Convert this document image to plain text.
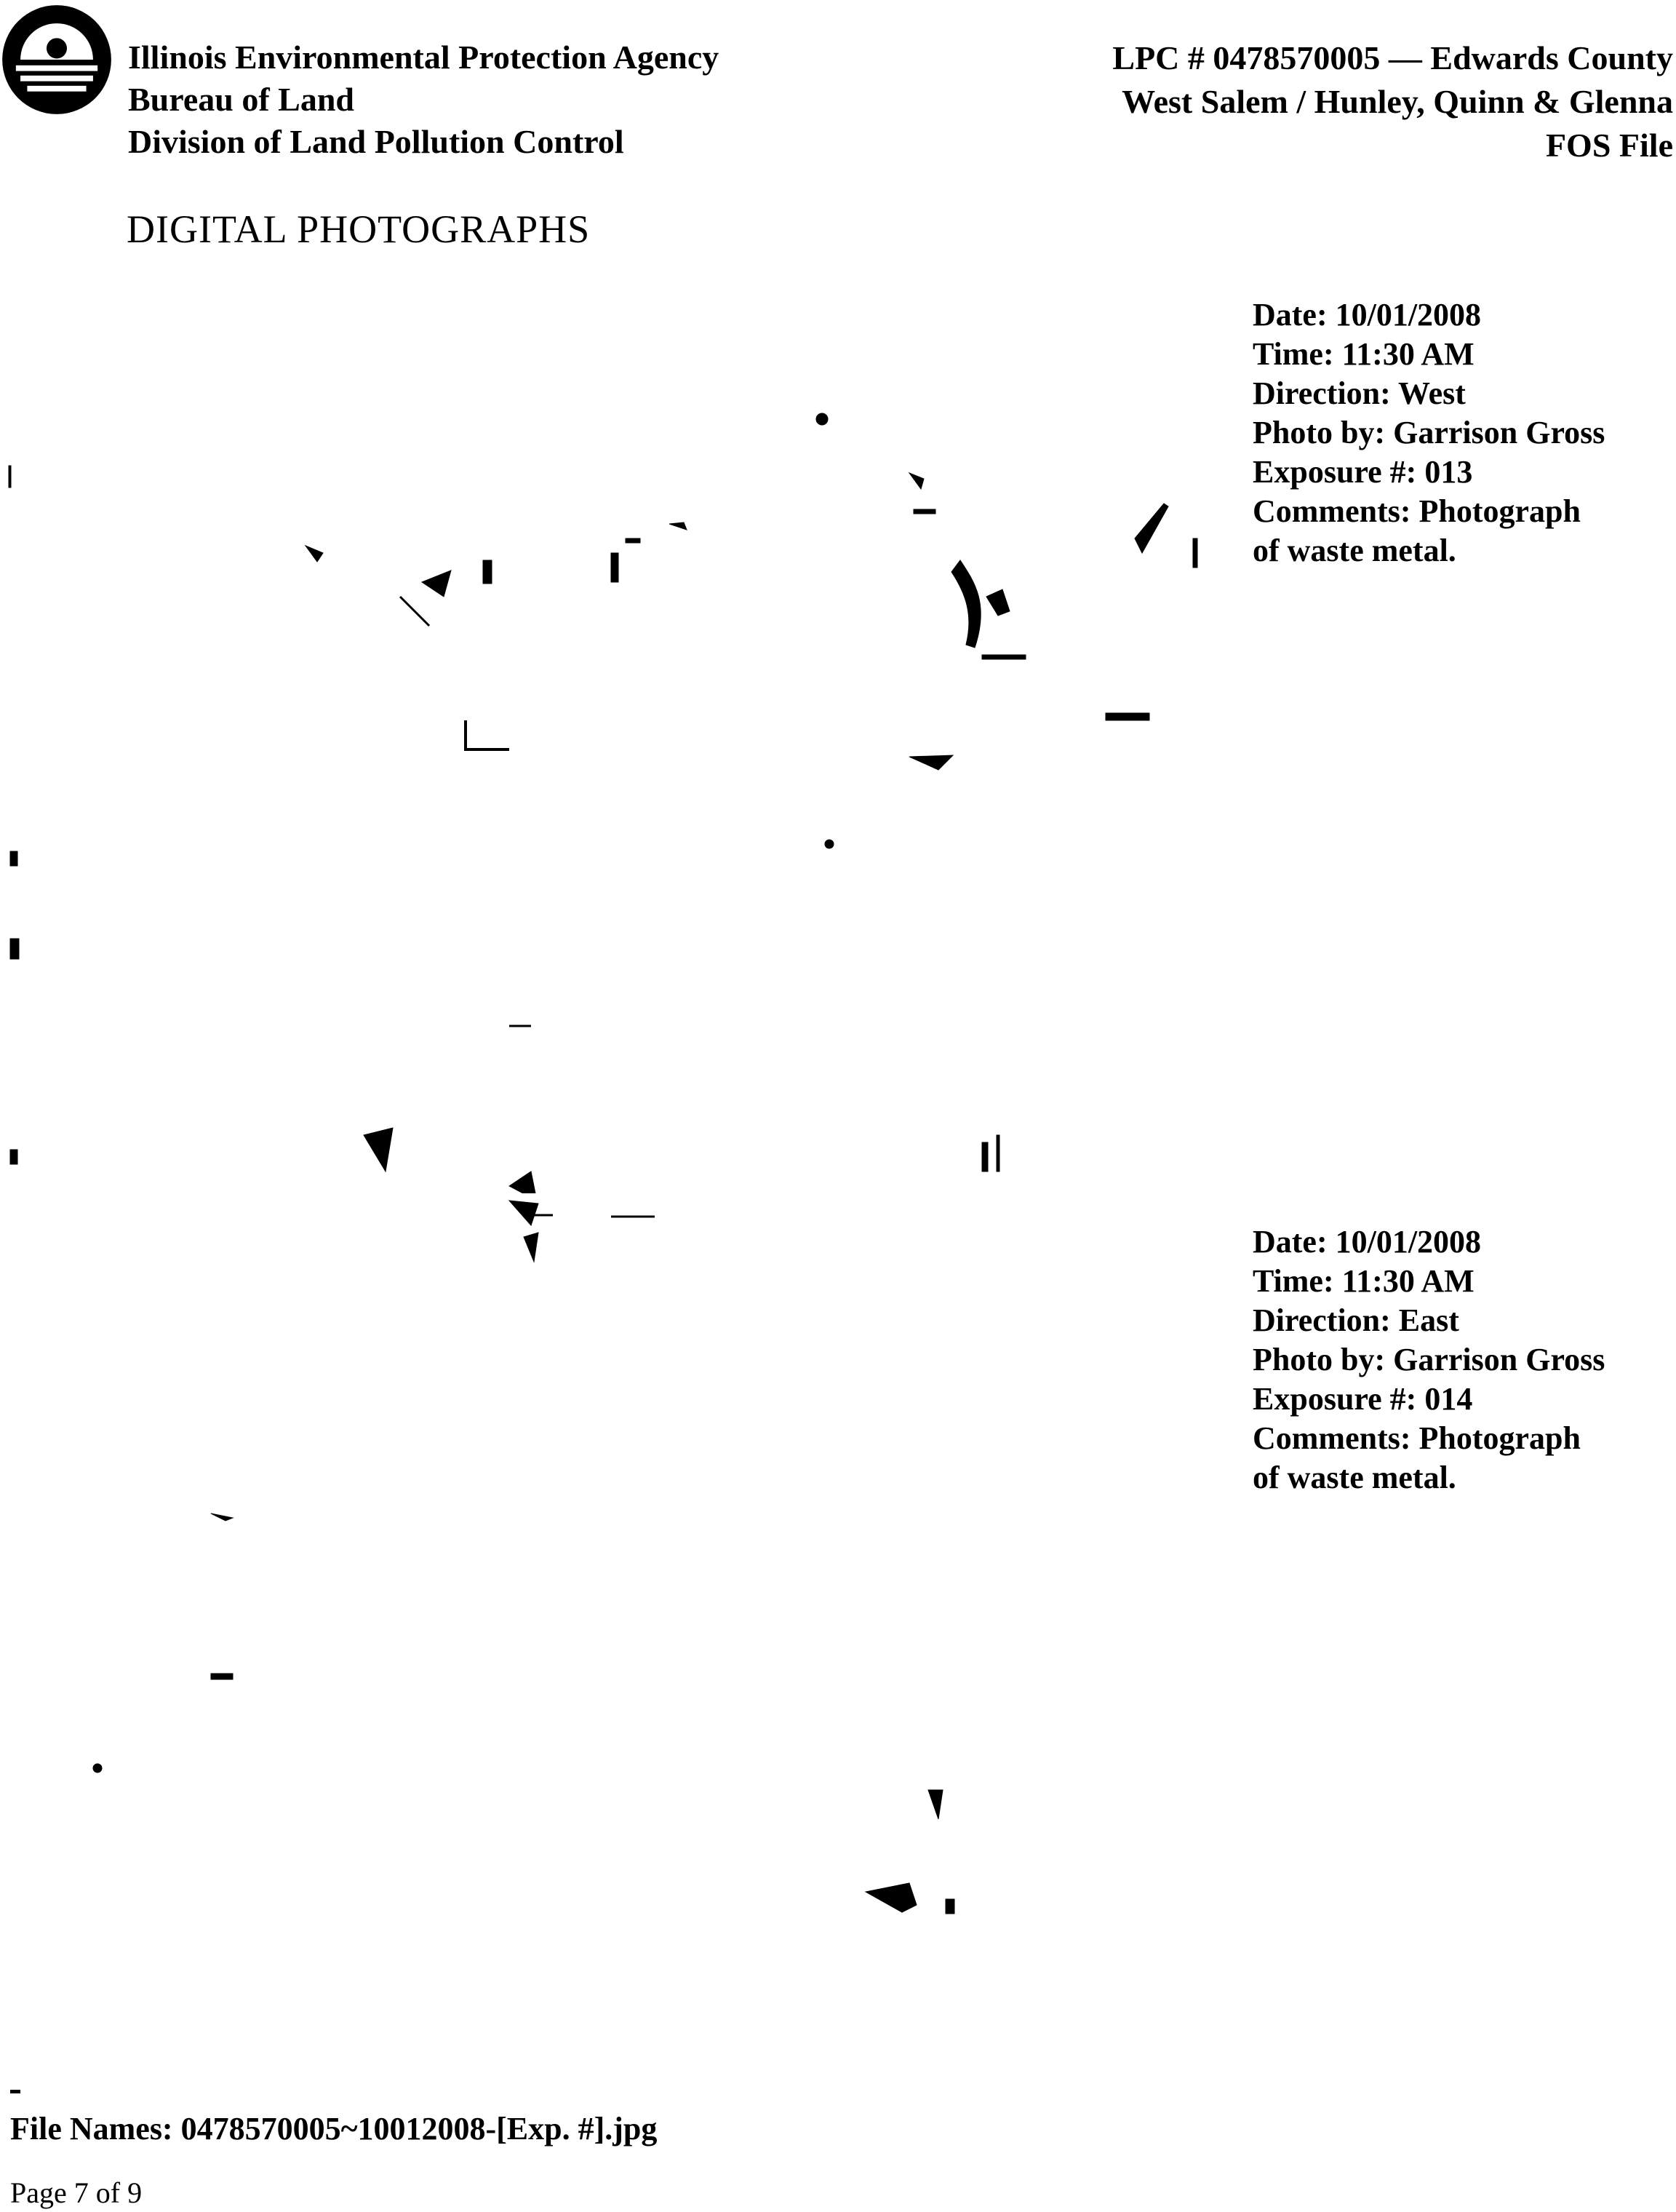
Illinois Environmental Protection Agency
Bureau of Land
Division of Land Pollution Control
LPC # 0478570005 — Edwards County
West Salem / Hunley, Quinn & Glenna
FOS File
DIGITAL PHOTOGRAPHS
Date: 10/01/2008
Time: 11:30 AM
Direction: West
Photo by: Garrison Gross
Exposure #: 013
Comments: Photograph
of waste metal.
Date: 10/01/2008
Time: 11:30 AM
Direction: East
Photo by: Garrison Gross
Exposure #: 014
Comments: Photograph
of waste metal.
File Names: 0478570005~10012008-[Exp. #].jpg
Page 7 of 9
